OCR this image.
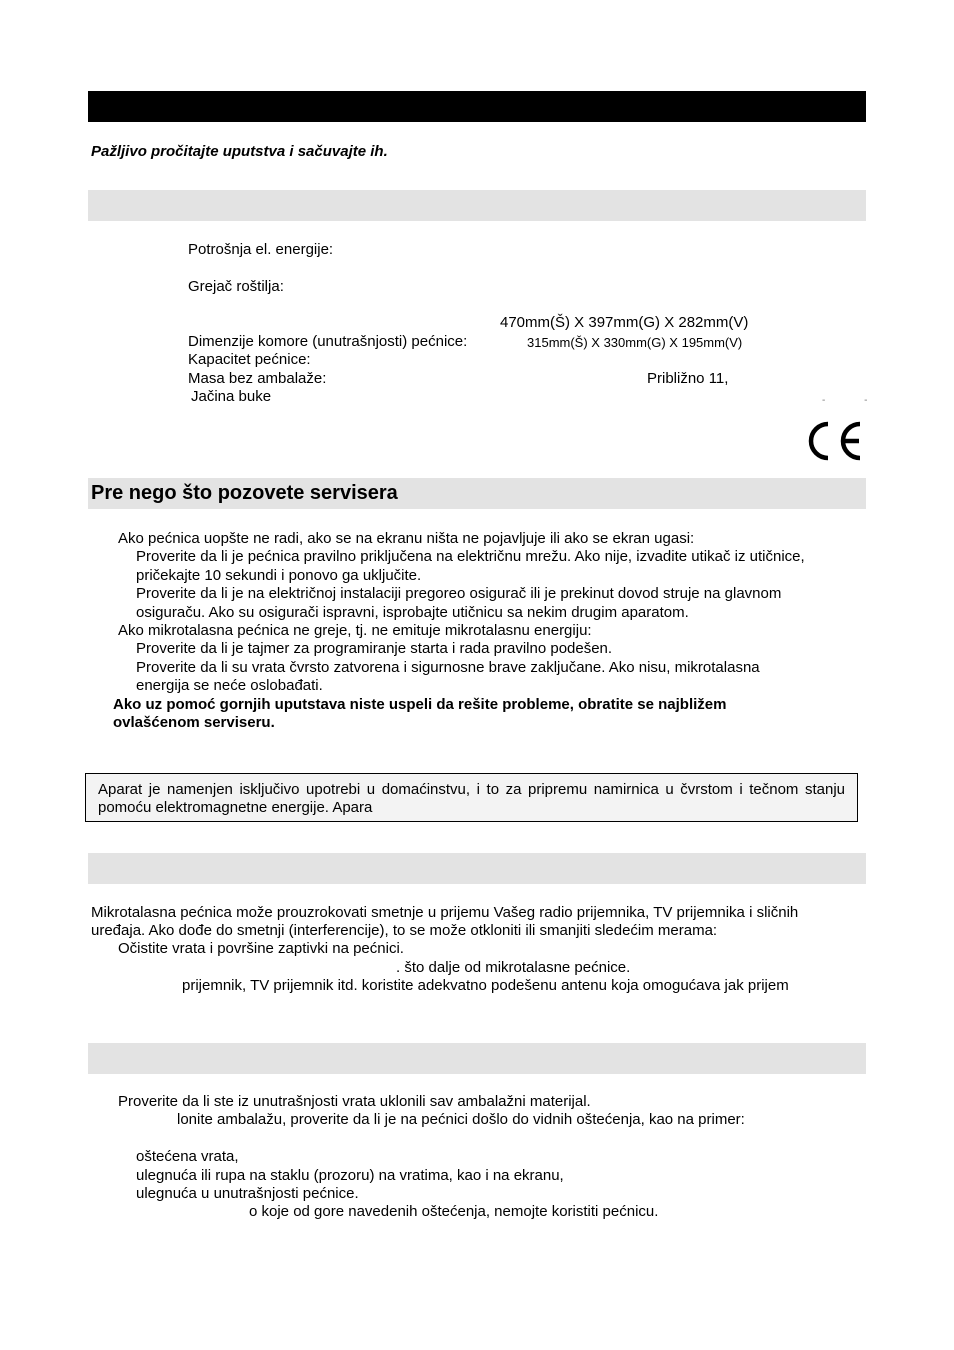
Pažljivo pročitajte uputstva i sačuvajte ih.
Potrošnja el. energije:
Grejač roštilja:
470mm(Š) X 397mm(G) X 282mm(V)
Dimenzije komore (unutrašnjosti) pećnice:	315mm(Š) X 330mm(G) X 195mm(V)
Kapacitet pećnice:
Masa bez ambalaže:	Približno 11,
Jačina buke	- -
Pre nego što pozovete servisera
Ako pećnica uopšte ne radi, ako se na ekranu ništa ne pojavljuje ili ako se ekran ugasi:
Proverite da li je pećnica pravilno priključena na električnu mrežu. Ako nije, izvadite utikač iz utičnice,
pričekajte 10 sekundi i ponovo ga uključite.
Proverite da li je na električnoj instalaciji pregoreo osigurač ili je prekinut dovod struje na glavnom
osiguraču. Ako su osigurači ispravni, isprobajte utičnicu sa nekim drugim aparatom.
Ako mikrotalasna pećnica ne greje, tj. ne emituje mikrotalasnu energiju:
Proverite da li je tajmer za programiranje starta i rada pravilno podešen.
Proverite da li su vrata čvrsto zatvorena i sigurnosne brave zaključane. Ako nisu, mikrotalasna
energija se neće oslobađati.
Ako uz pomoć gornjih uputstava niste uspeli da rešite probleme, obratite se najbližem
ovlašćenom serviseru.
Aparat je namenjen isključivo upotrebi u domaćinstvu, i to za pripremu namirnica u čvrstom i tečnom stanju pomoću elektromagnetne energije. Apara
Mikrotalasna pećnica može prouzrokovati smetnje u prijemu Vašeg radio prijemnika, TV prijemnika i sličnih
uređaja. Ako dođe do smetnji (interferencije), to se može otkloniti ili smanjiti sledećim merama:
Očistite vrata i površine zaptivki na pećnici.
. što dalje od mikrotalasne pećnice.
prijemnik, TV prijemnik itd. koristite adekvatno podešenu antenu koja omogućava jak prijem
Proverite da li ste iz unutrašnjosti vrata uklonili sav ambalažni materijal.
lonite ambalažu, proverite da li je na pećnici došlo do vidnih oštećenja, kao na primer:
oštećena vrata,
ulegnuća ili rupa na staklu (prozoru) na vratima, kao i na ekranu,
ulegnuća u unutrašnjosti pećnice.
o koje od gore navedenih oštećenja, nemojte koristiti pećnicu.
